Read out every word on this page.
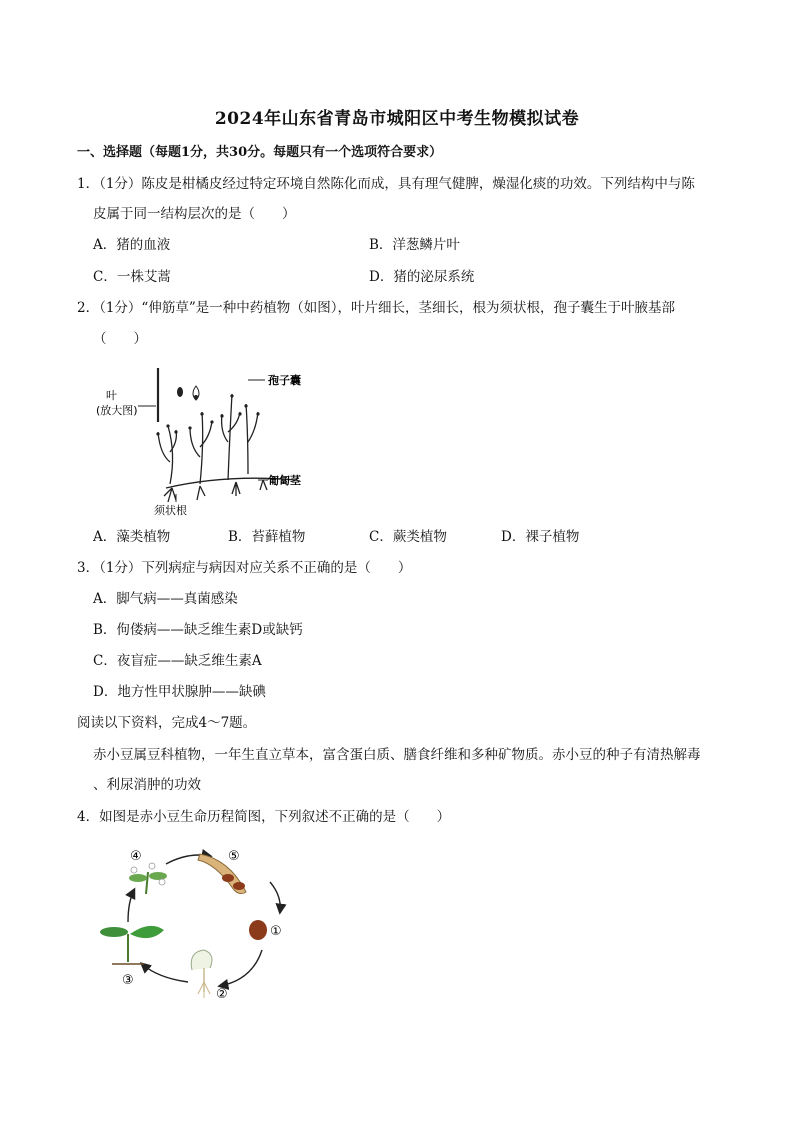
2024年山东省青岛市城阳区中考生物模拟试卷
一、选择题（每题1分，共30分。每题只有一个选项符合要求）
1．（1分）陈皮是柑橘皮经过特定环境自然陈化而成，具有理气健脾，燥湿化痰的功效。下列结构中与陈
皮属于同一结构层次的是（　　）
A．猪的血液	B．洋葱鳞片叶
C．一株艾蒿	D．猪的泌尿系统
2．（1分）“伸筋草”是一种中药植物（如图），叶片细长，茎细长，根为须状根，孢子囊生于叶腋基部
（　　）
叶
(放大图)
孢子囊
匍匐茎
须状根
A．藻类植物	B．苔藓植物	C．蕨类植物	D．裸子植物
3．（1分）下列病症与病因对应关系不正确的是（　　）
A．脚气病——真菌感染
B．佝偻病——缺乏维生素D或缺钙
C．夜盲症——缺乏维生素A
D．地方性甲状腺肿——缺碘
阅读以下资料，完成4～7题。
赤小豆属豆科植物，一年生直立草本，富含蛋白质、膳食纤维和多种矿物质。赤小豆的种子有清热解毒
、利尿消肿的功效
4．如图是赤小豆生命历程简图，下列叙述不正确的是（　　）
④	⑤
①
②
③
